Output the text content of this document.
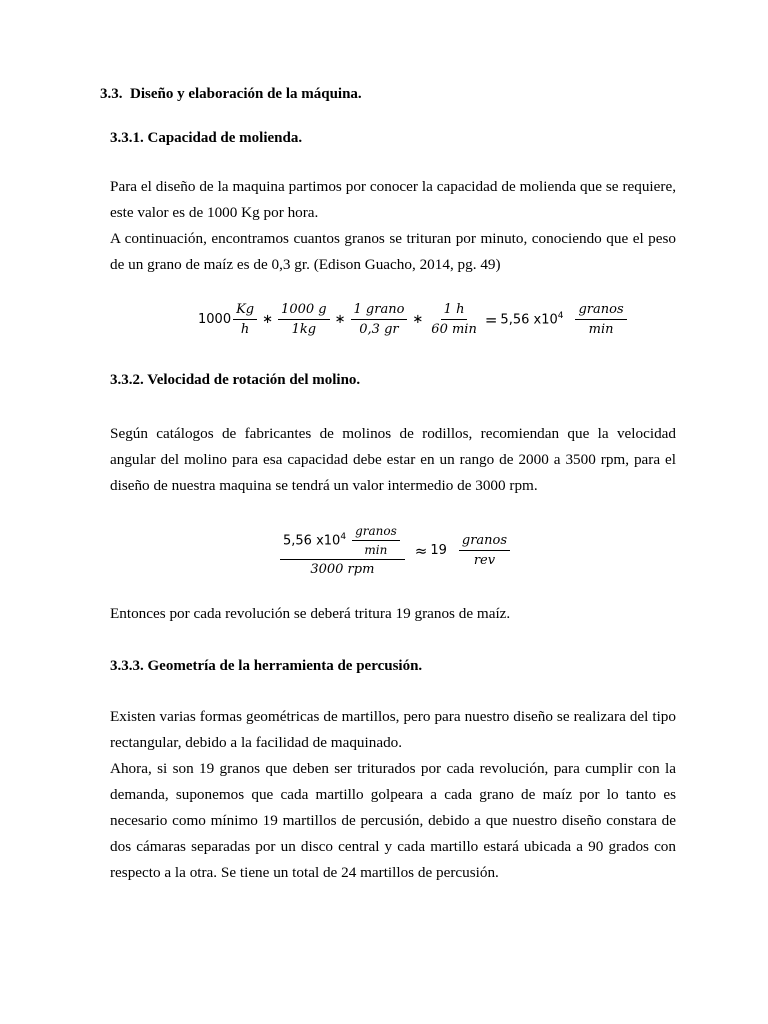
3.3. Diseño y elaboración de la máquina.
3.3.1. Capacidad de molienda.
Para el diseño de la maquina partimos por conocer la capacidad de molienda que se requiere,
este valor es de 1000 Kg por hora.
A continuación, encontramos cuantos granos se trituran por minuto, conociendo que el peso
de un grano de maíz es de 0,3 gr. (Edison Guacho, 2014, pg. 49)
$1000 \frac{Kg}{h}$ ∗ $\frac{1000 g}{1kg}$ ∗ $\frac{\text{1 grano}}{0,3 gr}$ ∗ $\frac{1 h}{60 \min} = 5,56$ $x10^4 \frac{\text{granos}}{\min}$
3.3.2. Velocidad de rotación del molino.
Según catálogos de fabricantes de molinos de rodillos, recomiendan que la velocidad
angular del molino para esa capacidad debe estar en un rango de 2000 a 3500 rpm, para el
diseño de nuestra maquina se tendrá un valor intermedio de 3000 rpm.
$\frac{5,56 x10^4 \frac{\text{granos}}{\min}}{\text{3000 rpm}} \approx 19 \frac{\text{granos}}{\text{rev}}$
Entonces por cada revolución se deberá tritura 19 granos de maíz.
3.3.3. Geometría de la herramienta de percusión.
Existen varias formas geométricas de martillos, pero para nuestro diseño se realizara del tipo
rectangular, debido a la facilidad de maquinado.
Ahora, si son 19 granos que deben ser triturados por cada revolución, para cumplir con la
demanda, suponemos que cada martillo golpeara a cada grano de maíz por lo tanto es
necesario como mínimo 19 martillos de percusión, debido a que nuestro diseño constara de
dos cámaras separadas por un disco central y cada martillo estará ubicada a 90 grados con
respecto a la otra. Se tiene un total de 24 martillos de percusión.
